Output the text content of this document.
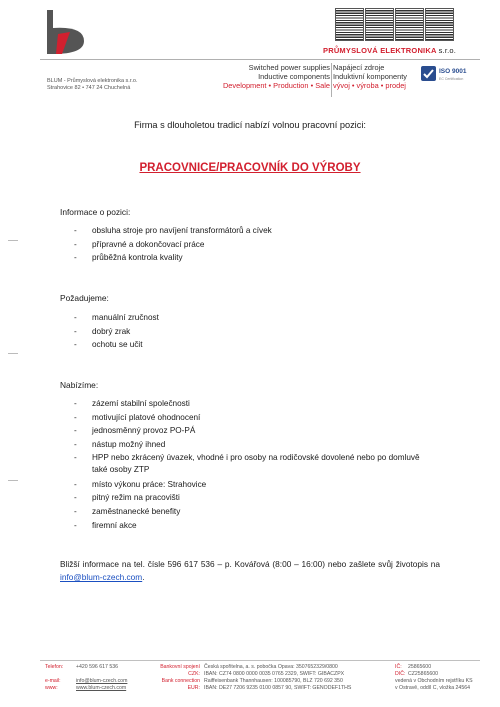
PRŮMYSLOVÁ ELEKTRONIKA s.r.o.
BLUM - Průmyslová elektronika s.r.o.
Strahovice 82 • 747 24 Chuchelná
Switched power supplies
Inductive components
Development • Production • Sale
Napájecí zdroje
Induktivní komponenty
vývoj • výroba • prodej
ISO 9001
EC Certification
Firma s dlouholetou tradicí nabízí volnou pracovní pozici:
PRACOVNICE/PRACOVNÍK DO VÝROBY
Informace o pozici:
- obsluha stroje pro navíjení transformátorů a cívek
- přípravné a dokončovací práce
- průběžná kontrola kvality
Požadujeme:
- manuální zručnost
- dobrý zrak
- ochotu se učit
Nabízíme:
- zázemí stabilní společnosti
- motivující platové ohodnocení
- jednosměnný provoz PO-PÁ
- nástup možný ihned
- HPP nebo zkrácený úvazek, vhodné i pro osoby na rodičovské dovolené nebo po domluvě také osoby ZTP
- místo výkonu práce: Strahovice
- pitný režim na pracovišti
- zaměstnanecké benefity
- firemní akce
Bližší informace na tel. čísle 596 617 536 – p. Kovářová (8:00 – 16:00) nebo zašlete svůj životopis na info@blum-czech.com.
Telefon:

e-mail:
www:
+420 596 617 536

info@blum-czech.com
www.blum-czech.com
Bankovní spojení
CZK:
Bank connection
EUR:
Česká spořitelna, a. s. pobočka Opava: 3507652329/0800
IBAN: CZ74 0800 0000 0035 0765 2329, SWIFT: GIBACZPX
Raiffeisenbank Thannhausen: 100085790, BLZ 720 692 350
IBAN: DE27 7206 9235 0100 0857 90, SWIFT: GENODEF1THS
IČ:
DIČ:
25865600
CZ25865600
vedená v Obchodním rejstříku KS
v Ostravě, oddíl C, vložka 24564
